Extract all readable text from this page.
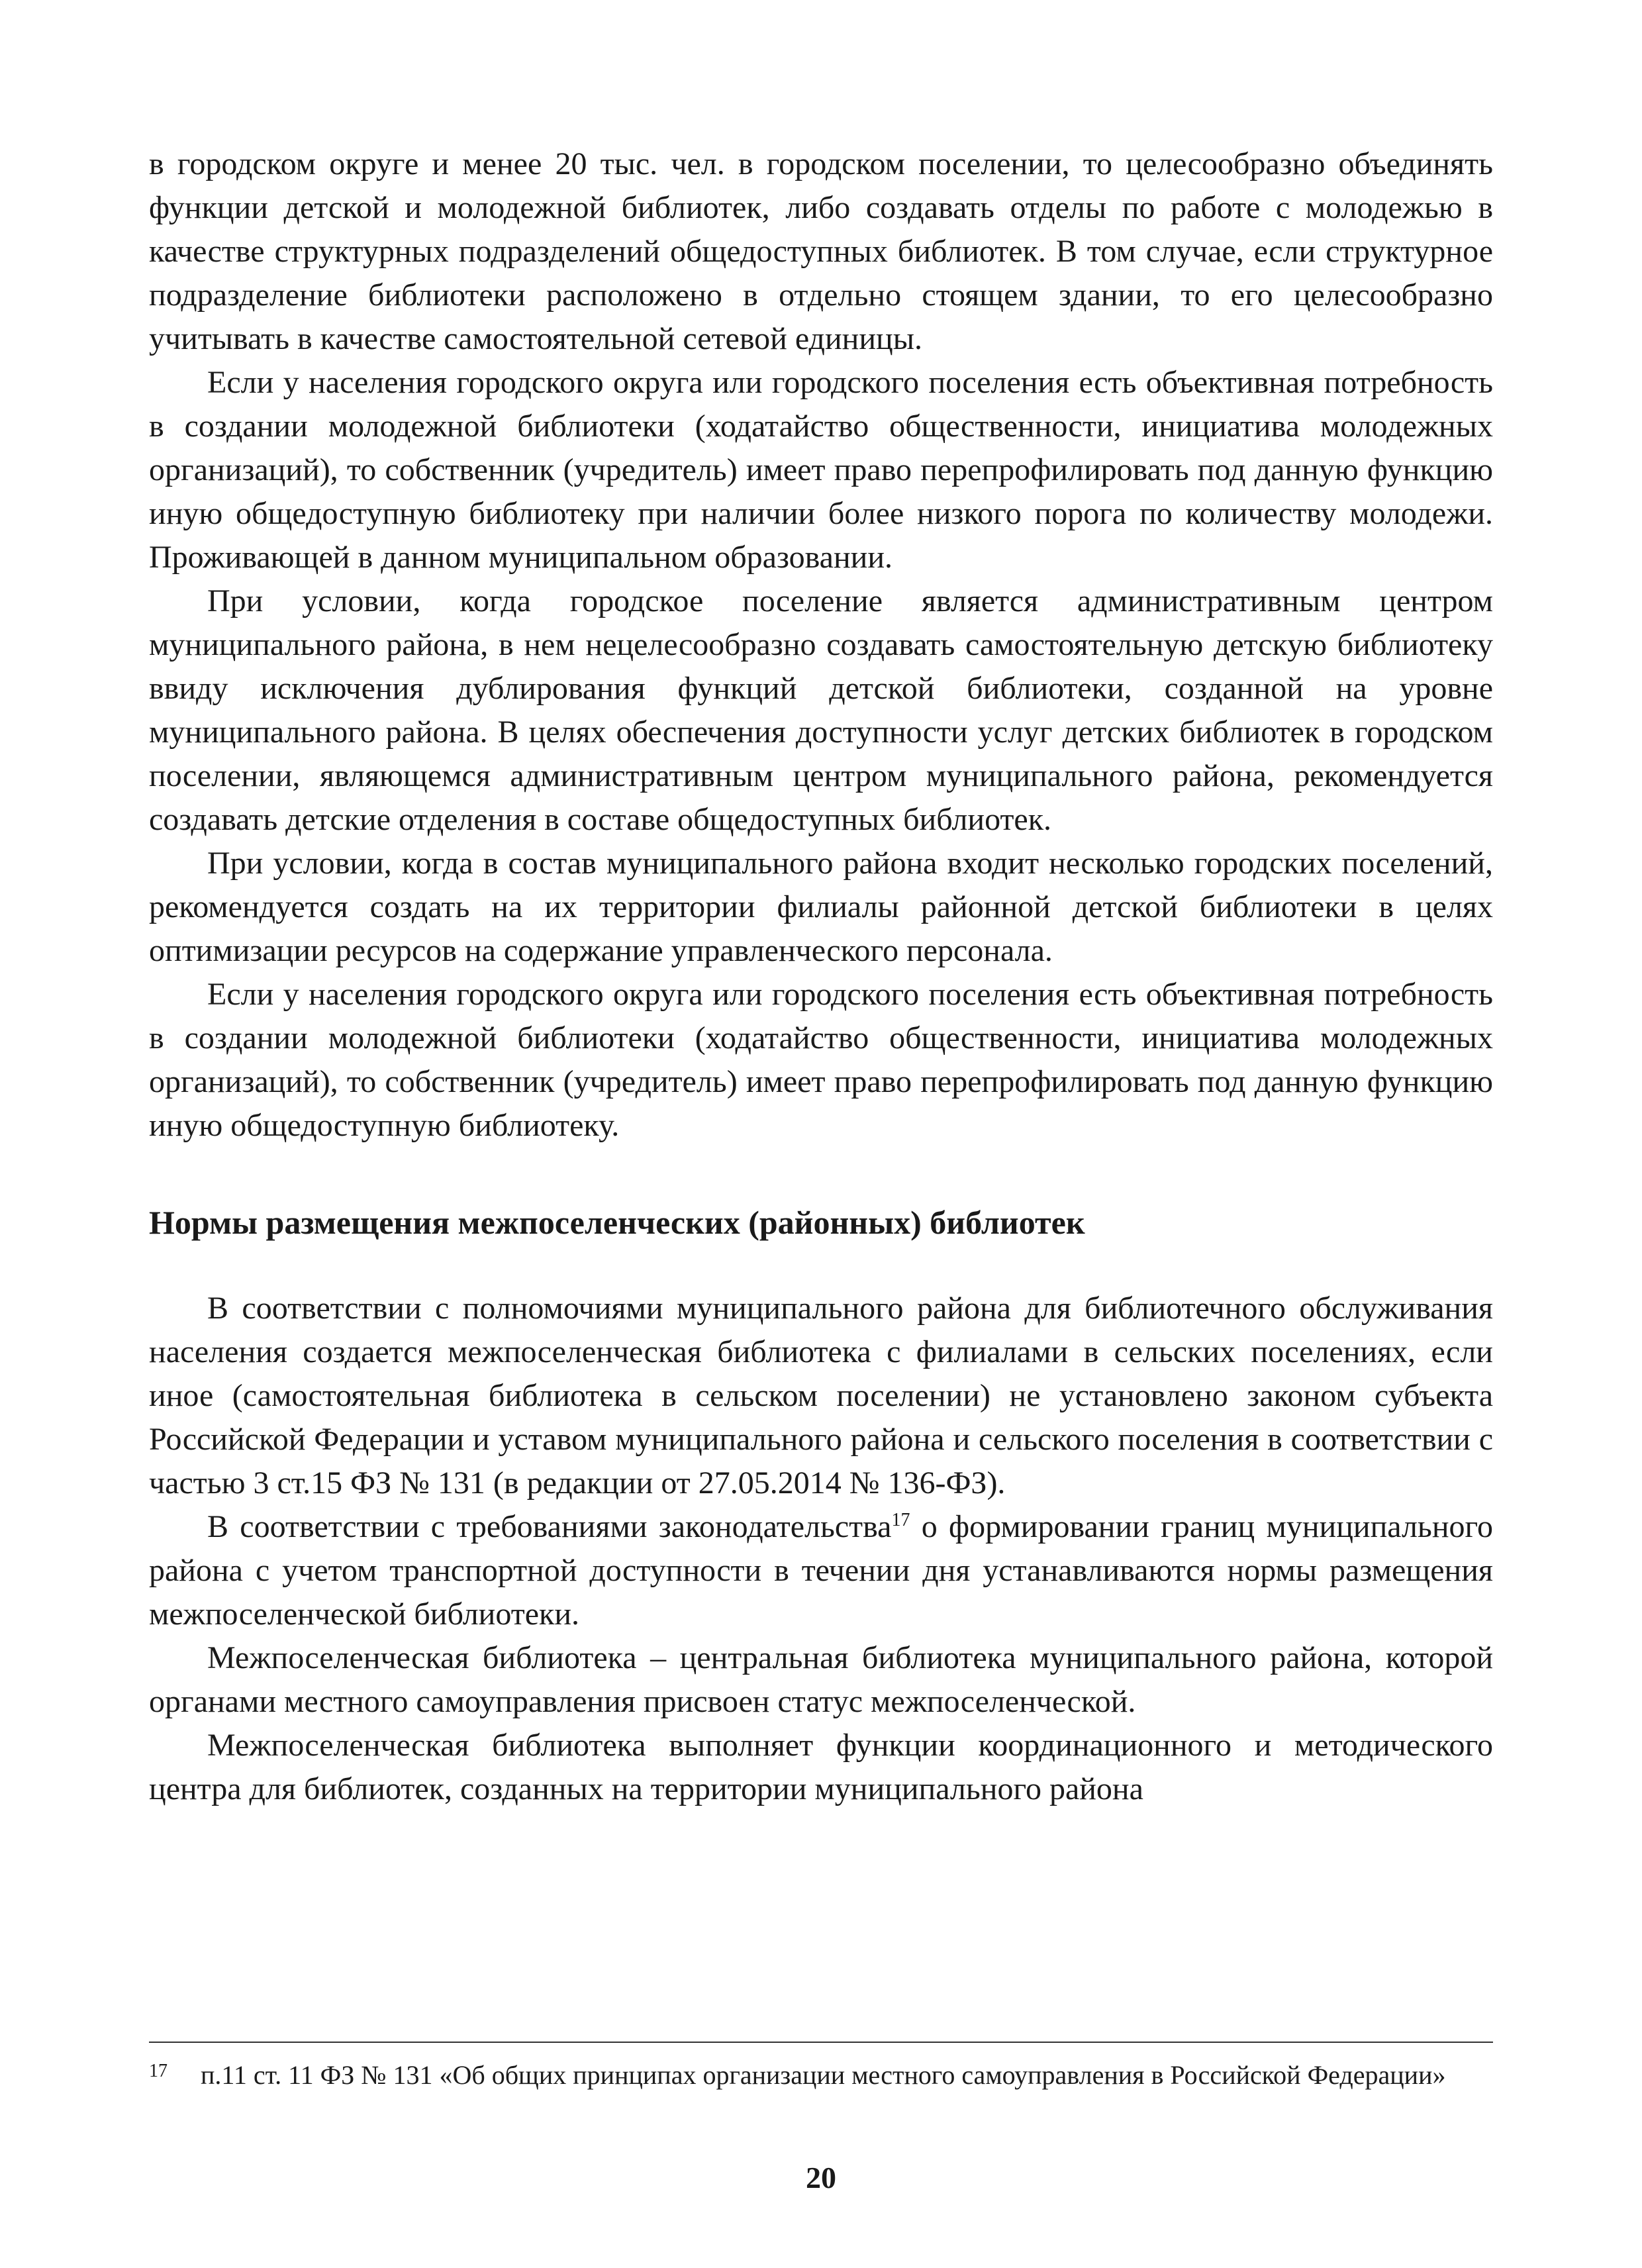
в городском округе и менее 20 тыс. чел. в городском поселении, то целесообразно объединять функции детской и молодежной библиотек, либо создавать отделы по работе с молодежью в качестве структурных подразделений общедоступных библиотек. В том случае, если структурное подразделение библиотеки расположено в отдельно стоящем здании, то его целесообразно учитывать в качестве самостоятельной сетевой единицы.

Если у населения городского округа или городского поселения есть объективная потребность в создании молодежной библиотеки (ходатайство общественности, инициатива молодежных организаций), то собственник (учредитель) имеет право перепрофилировать под данную функцию иную общедоступную библиотеку при наличии более низкого порога по количеству молодежи. Проживающей в данном муниципальном образовании.

При условии, когда городское поселение является административным центром муниципального района, в нем нецелесообразно создавать самостоятельную детскую библиотеку ввиду исключения дублирования функций детской библиотеки, созданной на уровне муниципального района. В целях обеспечения доступности услуг детских библиотек в городском поселении, являющемся административным центром муниципального района, рекомендуется создавать детские отделения в составе общедоступных библиотек.

При условии, когда в состав муниципального района входит несколько городских поселений, рекомендуется создать на их территории филиалы районной детской библиотеки в целях оптимизации ресурсов на содержание управленческого персонала.

Если у населения городского округа или городского поселения есть объективная потребность в создании молодежной библиотеки (ходатайство общественности, инициатива молодежных организаций), то собственник (учредитель) имеет право перепрофилировать под данную функцию иную общедоступную библиотеку.

Нормы размещения межпоселенческих (районных) библиотек

В соответствии с полномочиями муниципального района для библиотечного обслуживания населения создается межпоселенческая библиотека с филиалами в сельских поселениях, если иное (самостоятельная библиотека в сельском поселении) не установлено законом субъекта Российской Федерации и уставом муниципального района и сельского поселения в соответствии с частью 3 ст.15 ФЗ № 131 (в редакции от 27.05.2014 № 136-ФЗ).

В соответствии с требованиями законодательства$^{17}$ о формировании границ муниципального района с учетом транспортной доступности в течении дня устанавливаются нормы размещения межпоселенческой библиотеки.

Межпоселенческая библиотека – центральная библиотека муниципального района, которой органами местного самоуправления присвоен статус межпоселенческой.

Межпоселенческая библиотека выполняет функции координационного и методического центра для библиотек, созданных на территории муниципального района

17 п.11 ст. 11 ФЗ № 131 «Об общих принципах организации местного самоуправления в Российской Федерации»
20
